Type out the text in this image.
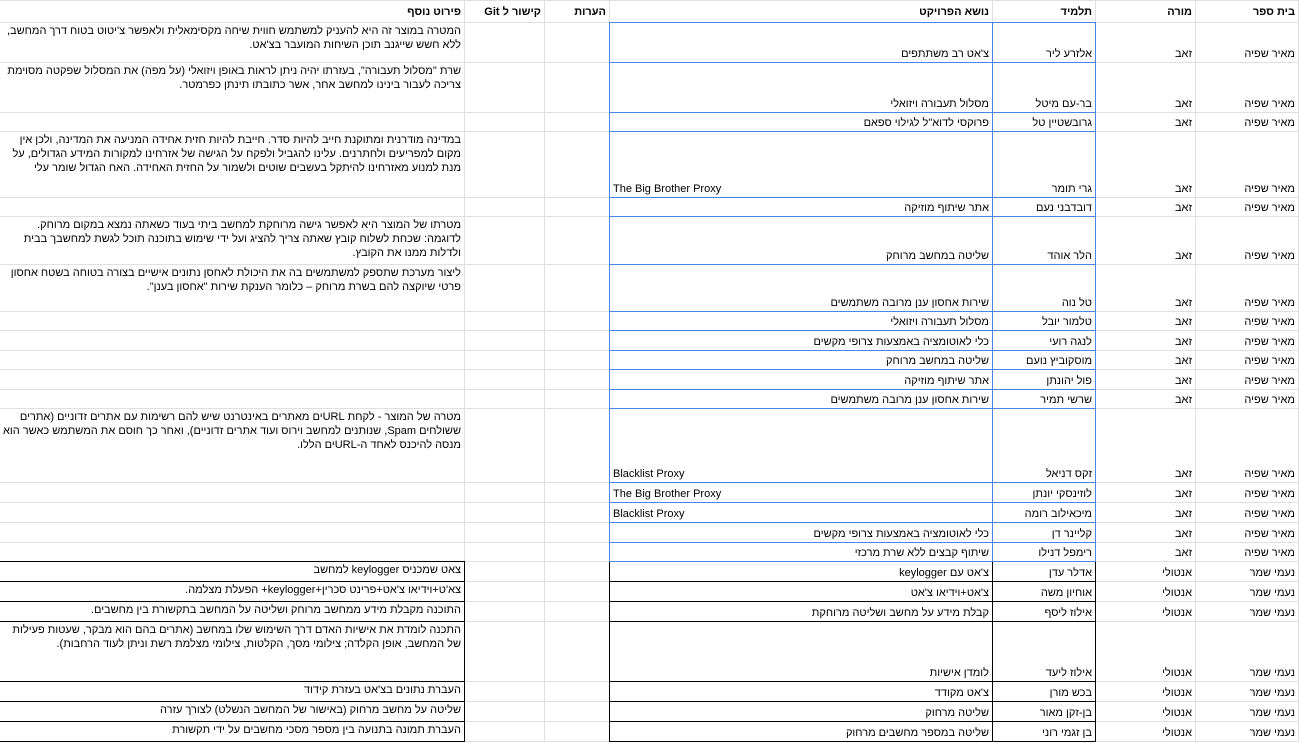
בית ספר	מורה	תלמיד	נושא הפרויקט	הערות	קישור ל Git	פירוט נוסף
מאיר שפיה	זאב	אלזרע ליר	צ'אט רב משתתפים			המטרה במוצר זה היא להעניק למשתמש חווית שיחה מקסימאלית ולאפשר צ'יטוט בטוח דרך המחשב, ללא חשש שייגנב תוכן השיחות המועבר בצ'אט.
מאיר שפיה	זאב	בר-עם מיטל	מסלול תעבורה ויזואלי			שרת "מסלול תעבורה", בעזרתו יהיה ניתן לראות באופן ויזואלי (על מפה) את המסלול שפקטה מסוימת צריכה לעבור בינינו למחשב אחר, אשר כתובתו תינתן כפרמטר.
מאיר שפיה	זאב	גרובשטיין טל	פרוקסי לדוא"ל לגילוי ספאם			
מאיר שפיה	זאב	גרי תומר	The Big Brother Proxy			במדינה מודרנית ומתוקנת חייב להיות סדר. חייבת להיות חזית אחידה המניעה את המדינה, ולכן אין מקום למפריעים ולחתרנים. עלינו להגביל ולפקח על הגישה של אזרחינו למקורות המידע הגדולים, על מנת למנוע מאזרחינו להיתקל בעשבים שוטים ולשמור על החזית האחידה. האח הגדול שומר עלי
מאיר שפיה	זאב	דובדבני נעם	אתר שיתוף מוזיקה			
מאיר שפיה	זאב	הלר אוהד	שליטה במחשב מרוחק			מטרתו של המוצר היא לאפשר גישה מרוחקת למחשב ביתי בעוד כשאתה נמצא במקום מרוחק. לדוגמה: שכחת לשלוח קובץ שאתה צריך להציג ועל ידי שימוש בתוכנה תוכל לגשת למחשבך בבית ולדלות ממנו את הקובץ.
מאיר שפיה	זאב	טל נוה	שירות אחסון ענן מרובה משתמשים			ליצור מערכת שתספק למשתמשים בה את היכולת לאחסן נתונים אישיים בצורה בטוחה בשטח אחסון פרטי שיוקצה להם בשרת מרוחק – כלומר הענקת שירות "אחסון בענן".
מאיר שפיה	זאב	טלמור יובל	מסלול תעבורה ויזואלי			
מאיר שפיה	זאב	לנגה רועי	כלי לאוטומציה באמצעות צרופי מקשים			
מאיר שפיה	זאב	מוסקוביץ נועם	שליטה במחשב מרוחק			
מאיר שפיה	זאב	פול יהונתן	אתר שיתוף מוזיקה			
מאיר שפיה	זאב	שרשי תמיר	שירות אחסון ענן מרובה משתמשים			
מאיר שפיה	זאב	זקס דניאל	Blacklist Proxy			מטרה של המוצר - לקחת URLים מאתרים באינטרנט שיש להם רשימות עם אתרים זדוניים (אתרים ששולחים Spam, שנותנים למחשב וירוס ועוד אתרים זדוניים), ואחר כך חוסם את המשתמש כאשר הוא מנסה להיכנס לאחד ה-URLים הללו.
מאיר שפיה	זאב	לוזינסקי יונתן	The Big Brother Proxy			
מאיר שפיה	זאב	מיכאילוב רומה	Blacklist Proxy			
מאיר שפיה	זאב	קליינר דן	כלי לאוטומציה באמצעות צרופי מקשים			
מאיר שפיה	זאב	רימפל דנילו	שיתוף קבצים ללא שרת מרכזי			
נעמי שמר	אנטולי	אדלר עדן	צ'אט עם keylogger			צאט שמכניס keylogger למחשב
נעמי שמר	אנטולי	אוחיון משה	צ'אט+וידיאו צ'אט			צא'ט+וידיאו צ'אט+פרינט סכרין+keylogger+ הפעלת מצלמה.
נעמי שמר	אנטולי	אילוז ליסף	קבלת מידע על מחשב ושליטה מרוחקת			התוכנה מקבלת מידע ממחשב מרוחק ושליטה על המחשב בתקשורת בין מחשבים.
נעמי שמר	אנטולי	אילוז ליעד	לומדן אישיות			התכנה לומדת את אישיות האדם דרך השימוש שלו במחשב (אתרים בהם הוא מבקר, שעטות פעילות של המחשב, אופן הקלדה; צילומי מסך, הקלטות, צילומי מצלמת רשת וניתן לעוד הרחבות).
נעמי שמר	אנטולי	בכש מורן	צ'אט מקודד			העברת נתונים בצ'אט בעזרת קידוד
נעמי שמר	אנטולי	בן-זקן מאור	שליטה מרחוק			שליטה על מחשב מרחוק (באישור של המחשב הנשלט) לצורך עזרה
נעמי שמר	אנטולי	בן זגמי רוני	שליטה במספר מחשבים מרחוק			העברת תמונה בתנועה בין מספר מסכי מחשבים על ידי תקשורת
